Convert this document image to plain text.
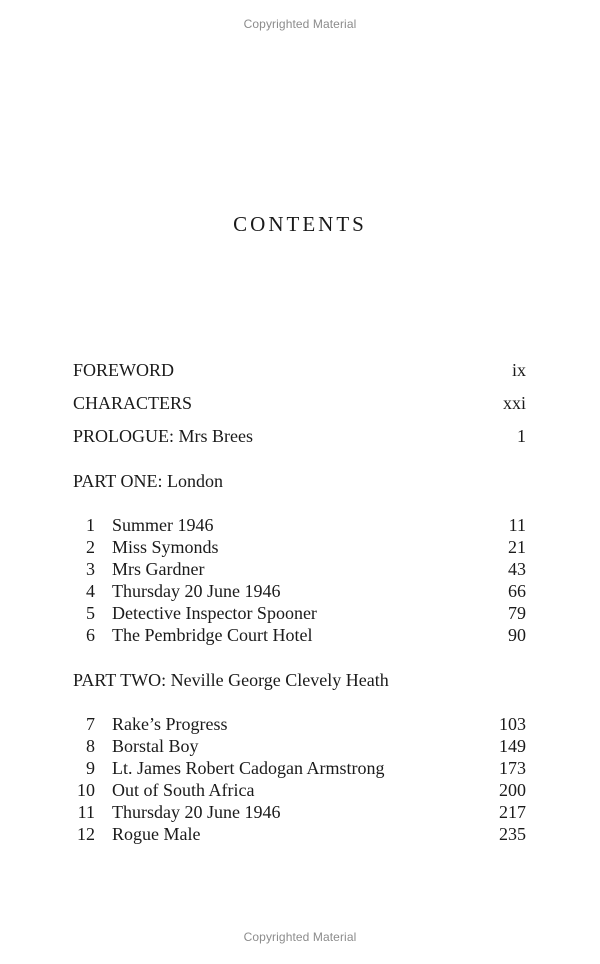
Copyrighted Material
CONTENTS
FOREWORD	ix
CHARACTERS	xxi
PROLOGUE: Mrs Brees	1
PART ONE: London
1 Summer 1946	11
2 Miss Symonds	21
3 Mrs Gardner	43
4 Thursday 20 June 1946	66
5 Detective Inspector Spooner	79
6 The Pembridge Court Hotel	90
PART TWO: Neville George Clevely Heath
7 Rake’s Progress	103
8 Borstal Boy	149
9 Lt. James Robert Cadogan Armstrong	173
10 Out of South Africa	200
11 Thursday 20 June 1946	217
12 Rogue Male	235
Copyrighted Material
